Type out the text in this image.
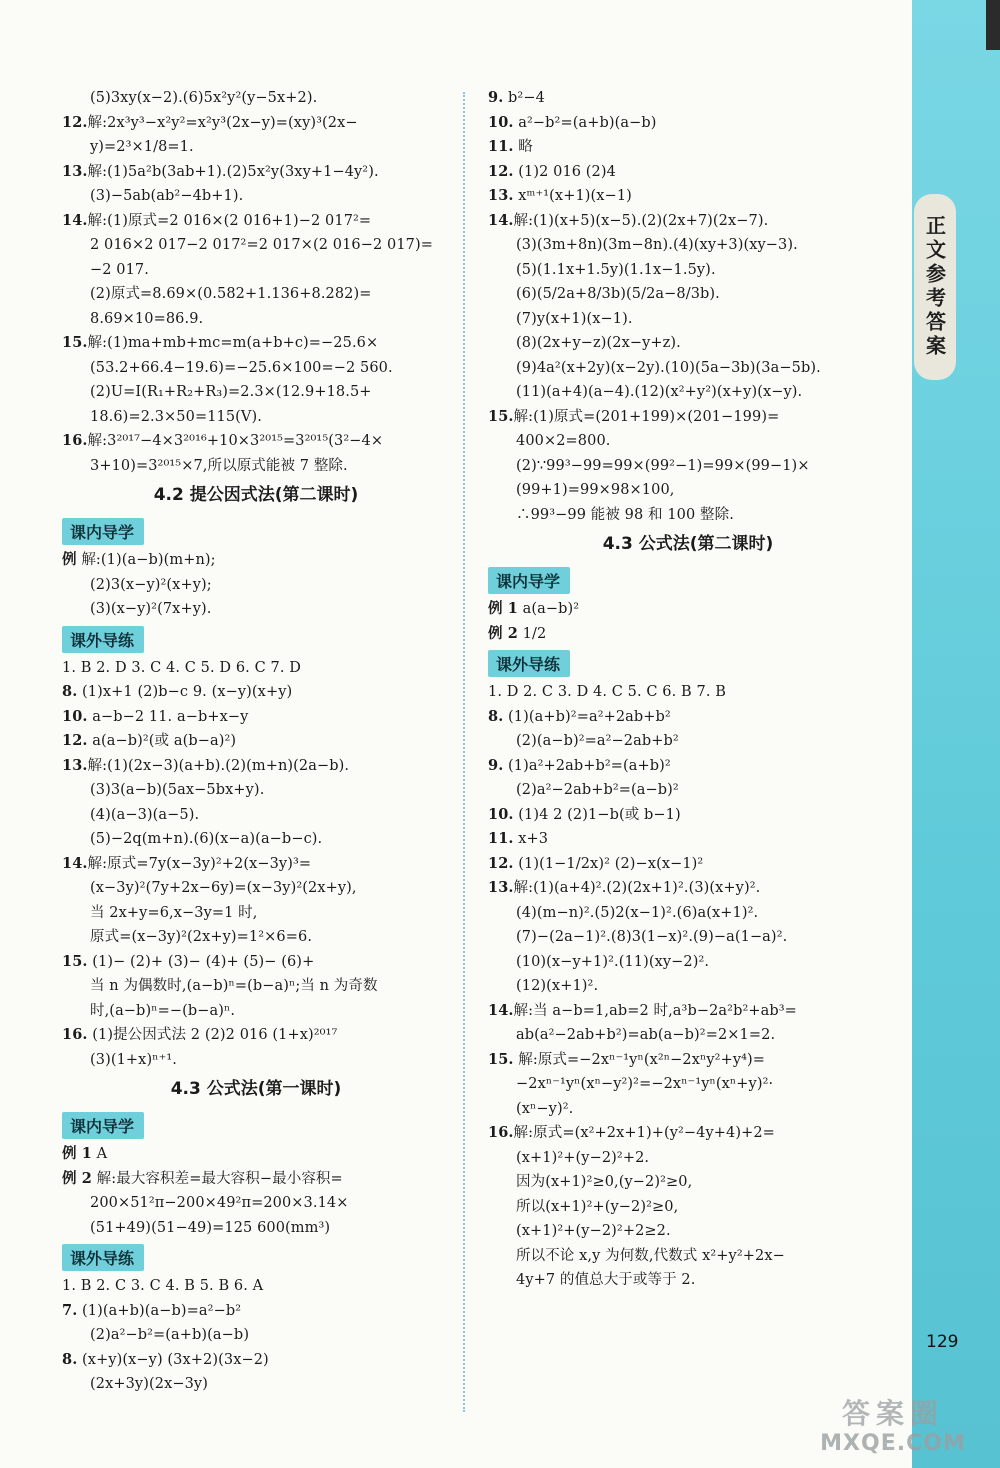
正文参考答案
(5)3xy(x−2).(6)5x²y²(y−5x+2).
12.解:2x³y³−x²y²=x²y³(2x−y)=(xy)³(2x−
y)=2³×1/8=1.
13.解:(1)5a²b(3ab+1).(2)5x²y(3xy+1−4y²).
(3)−5ab(ab²−4b+1).
14.解:(1)原式=2 016×(2 016+1)−2 017²=
2 016×2 017−2 017²=2 017×(2 016−2 017)=
−2 017.
(2)原式=8.69×(0.582+1.136+8.282)=
8.69×10=86.9.
15.解:(1)ma+mb+mc=m(a+b+c)=−25.6×
(53.2+66.4−19.6)=−25.6×100=−2 560.
(2)U=I(R₁+R₂+R₃)=2.3×(12.9+18.5+
18.6)=2.3×50=115(V).
16.解:3²⁰¹⁷−4×3²⁰¹⁶+10×3²⁰¹⁵=3²⁰¹⁵(3²−4×
3+10)=3²⁰¹⁵×7,所以原式能被 7 整除.
4.2 提公因式法(第二课时)
课内导学
例 解:(1)(a−b)(m+n);
(2)3(x−y)²(x+y);
(3)(x−y)²(7x+y).
课外导练
1. B 2. D 3. C 4. C 5. D 6. C 7. D
8. (1)x+1 (2)b−c 9. (x−y)(x+y)
10. a−b−2 11. a−b+x−y
12. a(a−b)²(或 a(b−a)²)
13.解:(1)(2x−3)(a+b).(2)(m+n)(2a−b).
(3)3(a−b)(5ax−5bx+y).
(4)(a−3)(a−5).
(5)−2q(m+n).(6)(x−a)(a−b−c).
14.解:原式=7y(x−3y)²+2(x−3y)³=
(x−3y)²(7y+2x−6y)=(x−3y)²(2x+y),
当 2x+y=6,x−3y=1 时,
原式=(x−3y)²(2x+y)=1²×6=6.
15. (1)− (2)+ (3)− (4)+ (5)− (6)+
当 n 为偶数时,(a−b)ⁿ=(b−a)ⁿ;当 n 为奇数
时,(a−b)ⁿ=−(b−a)ⁿ.
16. (1)提公因式法 2 (2)2 016 (1+x)²⁰¹⁷
(3)(1+x)ⁿ⁺¹.
4.3 公式法(第一课时)
课内导学
例 1 A
例 2 解:最大容积差=最大容积−最小容积=
200×51²π−200×49²π=200×3.14×
(51+49)(51−49)=125 600(mm³)
课外导练
1. B 2. C 3. C 4. B 5. B 6. A
7. (1)(a+b)(a−b)=a²−b²
(2)a²−b²=(a+b)(a−b)
8. (x+y)(x−y) (3x+2)(3x−2)
(2x+3y)(2x−3y)
9. b²−4
10. a²−b²=(a+b)(a−b)
11. 略
12. (1)2 016 (2)4
13. xᵐ⁺¹(x+1)(x−1)
14.解:(1)(x+5)(x−5).(2)(2x+7)(2x−7).
(3)(3m+8n)(3m−8n).(4)(xy+3)(xy−3).
(5)(1.1x+1.5y)(1.1x−1.5y).
(6)(5/2a+8/3b)(5/2a−8/3b).
(7)y(x+1)(x−1).
(8)(2x+y−z)(2x−y+z).
(9)4a²(x+2y)(x−2y).(10)(5a−3b)(3a−5b).
(11)(a+4)(a−4).(12)(x²+y²)(x+y)(x−y).
15.解:(1)原式=(201+199)×(201−199)=
400×2=800.
(2)∵99³−99=99×(99²−1)=99×(99−1)×
(99+1)=99×98×100,
∴99³−99 能被 98 和 100 整除.
4.3 公式法(第二课时)
课内导学
例 1 a(a−b)²
例 2 1/2
课外导练
1. D 2. C 3. D 4. C 5. C 6. B 7. B
8. (1)(a+b)²=a²+2ab+b²
(2)(a−b)²=a²−2ab+b²
9. (1)a²+2ab+b²=(a+b)²
(2)a²−2ab+b²=(a−b)²
10. (1)4 2 (2)1−b(或 b−1)
11. x+3
12. (1)(1−1/2x)² (2)−x(x−1)²
13.解:(1)(a+4)².(2)(2x+1)².(3)(x+y)².
(4)(m−n)².(5)2(x−1)².(6)a(x+1)².
(7)−(2a−1)².(8)3(1−x)².(9)−a(1−a)².
(10)(x−y+1)².(11)(xy−2)².
(12)(x+1)².
14.解:当 a−b=1,ab=2 时,a³b−2a²b²+ab³=
ab(a²−2ab+b²)=ab(a−b)²=2×1=2.
15. 解:原式=−2xⁿ⁻¹yⁿ(x²ⁿ−2xⁿy²+y⁴)=
−2xⁿ⁻¹yⁿ(xⁿ−y²)²=−2xⁿ⁻¹yⁿ(xⁿ+y)²·
(xⁿ−y)².
16.解:原式=(x²+2x+1)+(y²−4y+4)+2=
(x+1)²+(y−2)²+2.
因为(x+1)²≥0,(y−2)²≥0,
所以(x+1)²+(y−2)²≥0,
(x+1)²+(y−2)²+2≥2.
所以不论 x,y 为何数,代数式 x²+y²+2x−
4y+7 的值总大于或等于 2.
129
答案圈
MXQE.COM
